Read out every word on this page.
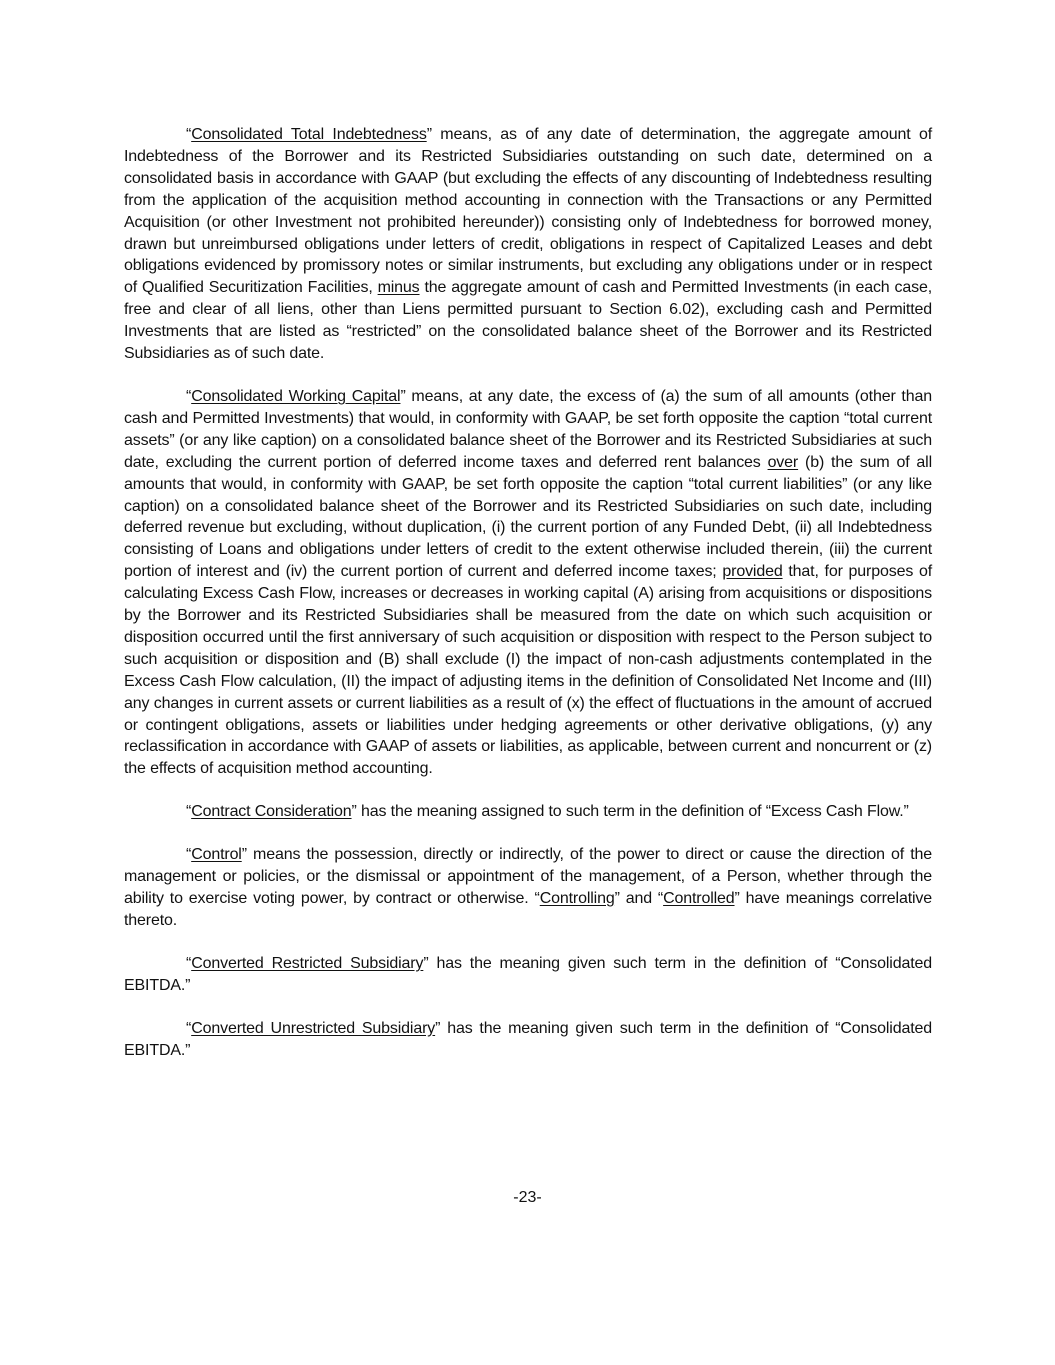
“Consolidated Total Indebtedness” means, as of any date of determination, the aggregate amount of Indebtedness of the Borrower and its Restricted Subsidiaries outstanding on such date, determined on a consolidated basis in accordance with GAAP (but excluding the effects of any discounting of Indebtedness resulting from the application of the acquisition method accounting in connection with the Transactions or any Permitted Acquisition (or other Investment not prohibited hereunder)) consisting only of Indebtedness for borrowed money, drawn but unreimbursed obligations under letters of credit, obligations in respect of Capitalized Leases and debt obligations evidenced by promissory notes or similar instruments, but excluding any obligations under or in respect of Qualified Securitization Facilities, minus the aggregate amount of cash and Permitted Investments (in each case, free and clear of all liens, other than Liens permitted pursuant to Section 6.02), excluding cash and Permitted Investments that are listed as “restricted” on the consolidated balance sheet of the Borrower and its Restricted Subsidiaries as of such date.

“Consolidated Working Capital” means, at any date, the excess of (a) the sum of all amounts (other than cash and Permitted Investments) that would, in conformity with GAAP, be set forth opposite the caption “total current assets” (or any like caption) on a consolidated balance sheet of the Borrower and its Restricted Subsidiaries at such date, excluding the current portion of deferred income taxes and deferred rent balances over (b) the sum of all amounts that would, in conformity with GAAP, be set forth opposite the caption “total current liabilities” (or any like caption) on a consolidated balance sheet of the Borrower and its Restricted Subsidiaries on such date, including deferred revenue but excluding, without duplication, (i) the current portion of any Funded Debt, (ii) all Indebtedness consisting of Loans and obligations under letters of credit to the extent otherwise included therein, (iii) the current portion of interest and (iv) the current portion of current and deferred income taxes; provided that, for purposes of calculating Excess Cash Flow, increases or decreases in working capital (A) arising from acquisitions or dispositions by the Borrower and its Restricted Subsidiaries shall be measured from the date on which such acquisition or disposition occurred until the first anniversary of such acquisition or disposition with respect to the Person subject to such acquisition or disposition and (B) shall exclude (I) the impact of non-cash adjustments contemplated in the Excess Cash Flow calculation, (II) the impact of adjusting items in the definition of Consolidated Net Income and (III) any changes in current assets or current liabilities as a result of (x) the effect of fluctuations in the amount of accrued or contingent obligations, assets or liabilities under hedging agreements or other derivative obligations, (y) any reclassification in accordance with GAAP of assets or liabilities, as applicable, between current and noncurrent or (z) the effects of acquisition method accounting.

“Contract Consideration” has the meaning assigned to such term in the definition of “Excess Cash Flow.”

“Control” means the possession, directly or indirectly, of the power to direct or cause the direction of the management or policies, or the dismissal or appointment of the management, of a Person, whether through the ability to exercise voting power, by contract or otherwise. “Controlling” and “Controlled” have meanings correlative thereto.

“Converted Restricted Subsidiary” has the meaning given such term in the definition of “Consolidated EBITDA.”

“Converted Unrestricted Subsidiary” has the meaning given such term in the definition of “Consolidated EBITDA.”

-23-
